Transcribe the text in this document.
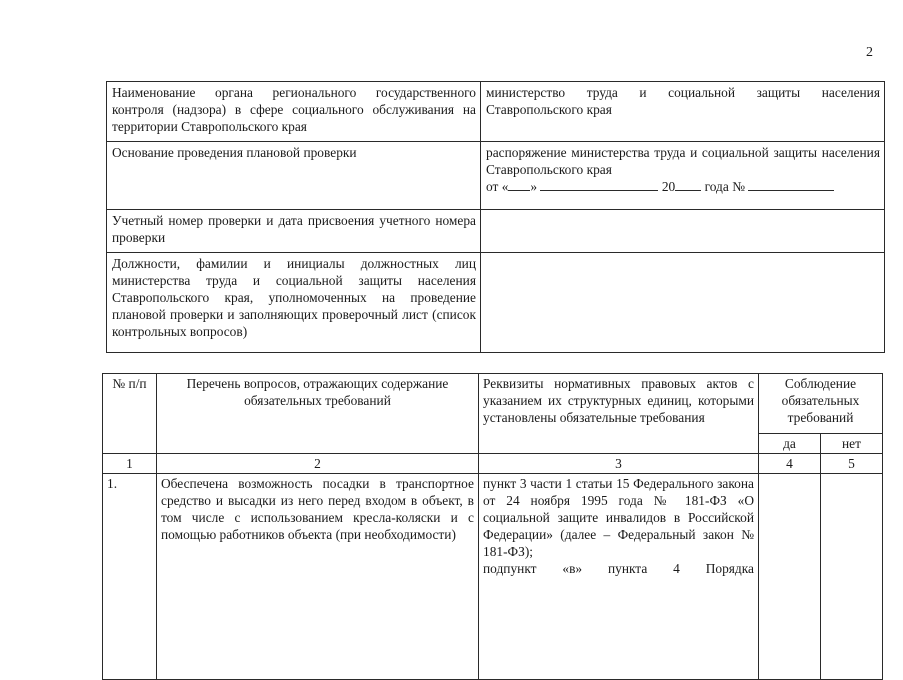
2
Наименование органа регионального государственного контроля (надзора) в сфере социального обслуживания на территории Ставропольского края	министерство труда и социальной защиты населения Ставропольского края
Основание проведения плановой проверки	распоряжение министерства труда и социальной защиты населения Ставропольского края
от « » 20 года №

Учетный номер проверки и дата присвоения учетного номера проверки	
Должности, фамилии и инициалы должностных лиц министерства труда и социальной защиты населения Ставропольского края, уполномоченных на проведение плановой проверки и заполняющих проверочный лист (список контрольных вопросов)	
№ п/п	Перечень вопросов, отражающих содержание обязательных требований	Реквизиты нормативных правовых актов с указанием их структурных единиц, которыми установлены обязательные требования	Соблюдение обязательных требований	
			да	нет
1	2	3	4	5
1.	Обеспечена возможность посадки в транспортное средство и высадки из него перед входом в объект, в том числе с использованием кресла-коляски и с помощью работников объекта (при необходимости)	пункт 3 части 1 статьи 15 Федерального закона от 24 ноября 1995 года № 181-ФЗ «О социальной защите инвалидов в Российской Федерации» (далее – Федеральный закон № 181-ФЗ);
подпункт «в» пункта 4 Порядка		
